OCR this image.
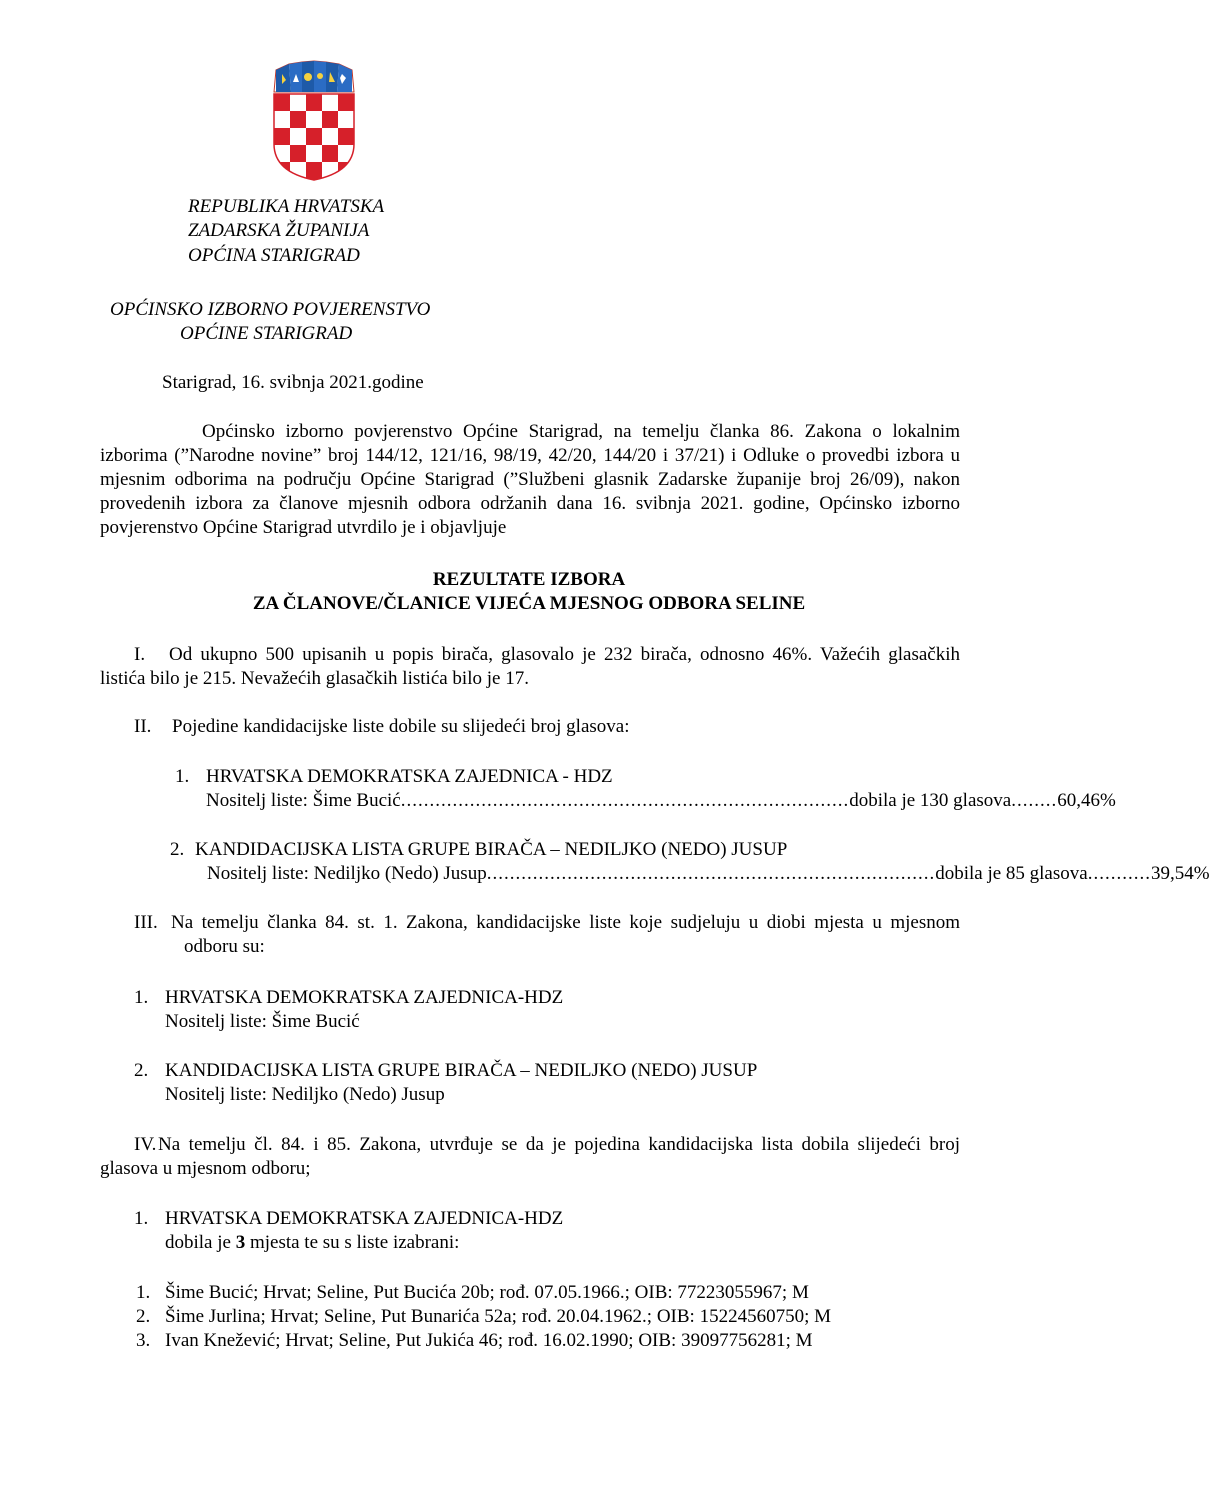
REPUBLIKA HRVATSKA
ZADARSKA ŽUPANIJA
OPĆINA STARIGRAD
OPĆINSKO IZBORNO POVJERENSTVO
OPĆINE STARIGRAD
Starigrad, 16. svibnja 2021.godine
Općinsko izborno povjerenstvo Općine Starigrad, na temelju članka 86. Zakona o lokalnim izborima (”Narodne novine” broj 144/12, 121/16, 98/19, 42/20, 144/20 i 37/21) i Odluke o provedbi izbora u mjesnim odborima na području Općine Starigrad (”Službeni glasnik Zadarske županije broj 26/09), nakon provedenih izbora za članove mjesnih odbora održanih dana 16. svibnja 2021. godine, Općinsko izborno povjerenstvo Općine Starigrad utvrdilo je i objavljuje
REZULTATE IZBORA
ZA ČLANOVE/ČLANICE VIJEĆA MJESNOG ODBORA SELINE
I.	Od ukupno 500 upisanih u popis birača, glasovalo je 232 birača, odnosno 46%. Važećih glasačkih listića bilo je 215. Nevažećih glasačkih listića bilo je 17.
II. Pojedine kandidacijske liste dobile su slijedeći broj glasova:
1. HRVATSKA DEMOKRATSKA ZAJEDNICA - HDZ
Nositelj liste: Šime Bucić .............................................................................. dobila je 130 glasova ........ 60,46%
2. KANDIDACIJSKA LISTA GRUPE BIRAČA – NEDILJKO (NEDO) JUSUP
Nositelj liste: Nediljko (Nedo) Jusup .............................................................................. dobila je 85 glasova ........... 39,54%
III. Na temelju članka 84. st. 1. Zakona, kandidacijske liste koje sudjeluju u diobi mjesta u mjesnom odboru su:
1. HRVATSKA DEMOKRATSKA ZAJEDNICA-HDZ
Nositelj liste: Šime Bucić
2. KANDIDACIJSKA LISTA GRUPE BIRAČA – NEDILJKO (NEDO) JUSUP
Nositelj liste: Nediljko (Nedo) Jusup
IV. Na temelju čl. 84. i 85. Zakona, utvrđuje se da je pojedina kandidacijska lista dobila slijedeći broj glasova u mjesnom odboru;
1. HRVATSKA DEMOKRATSKA ZAJEDNICA-HDZ
dobila je 3 mjesta te su s liste izabrani:
1. Šime Bucić; Hrvat; Seline, Put Bucića 20b; rođ. 07.05.1966.; OIB: 77223055967; M
2. Šime Jurlina; Hrvat; Seline, Put Bunarića 52a; rođ. 20.04.1962.; OIB: 15224560750; M
3. Ivan Knežević; Hrvat; Seline, Put Jukića 46; rođ. 16.02.1990; OIB: 39097756281; M
